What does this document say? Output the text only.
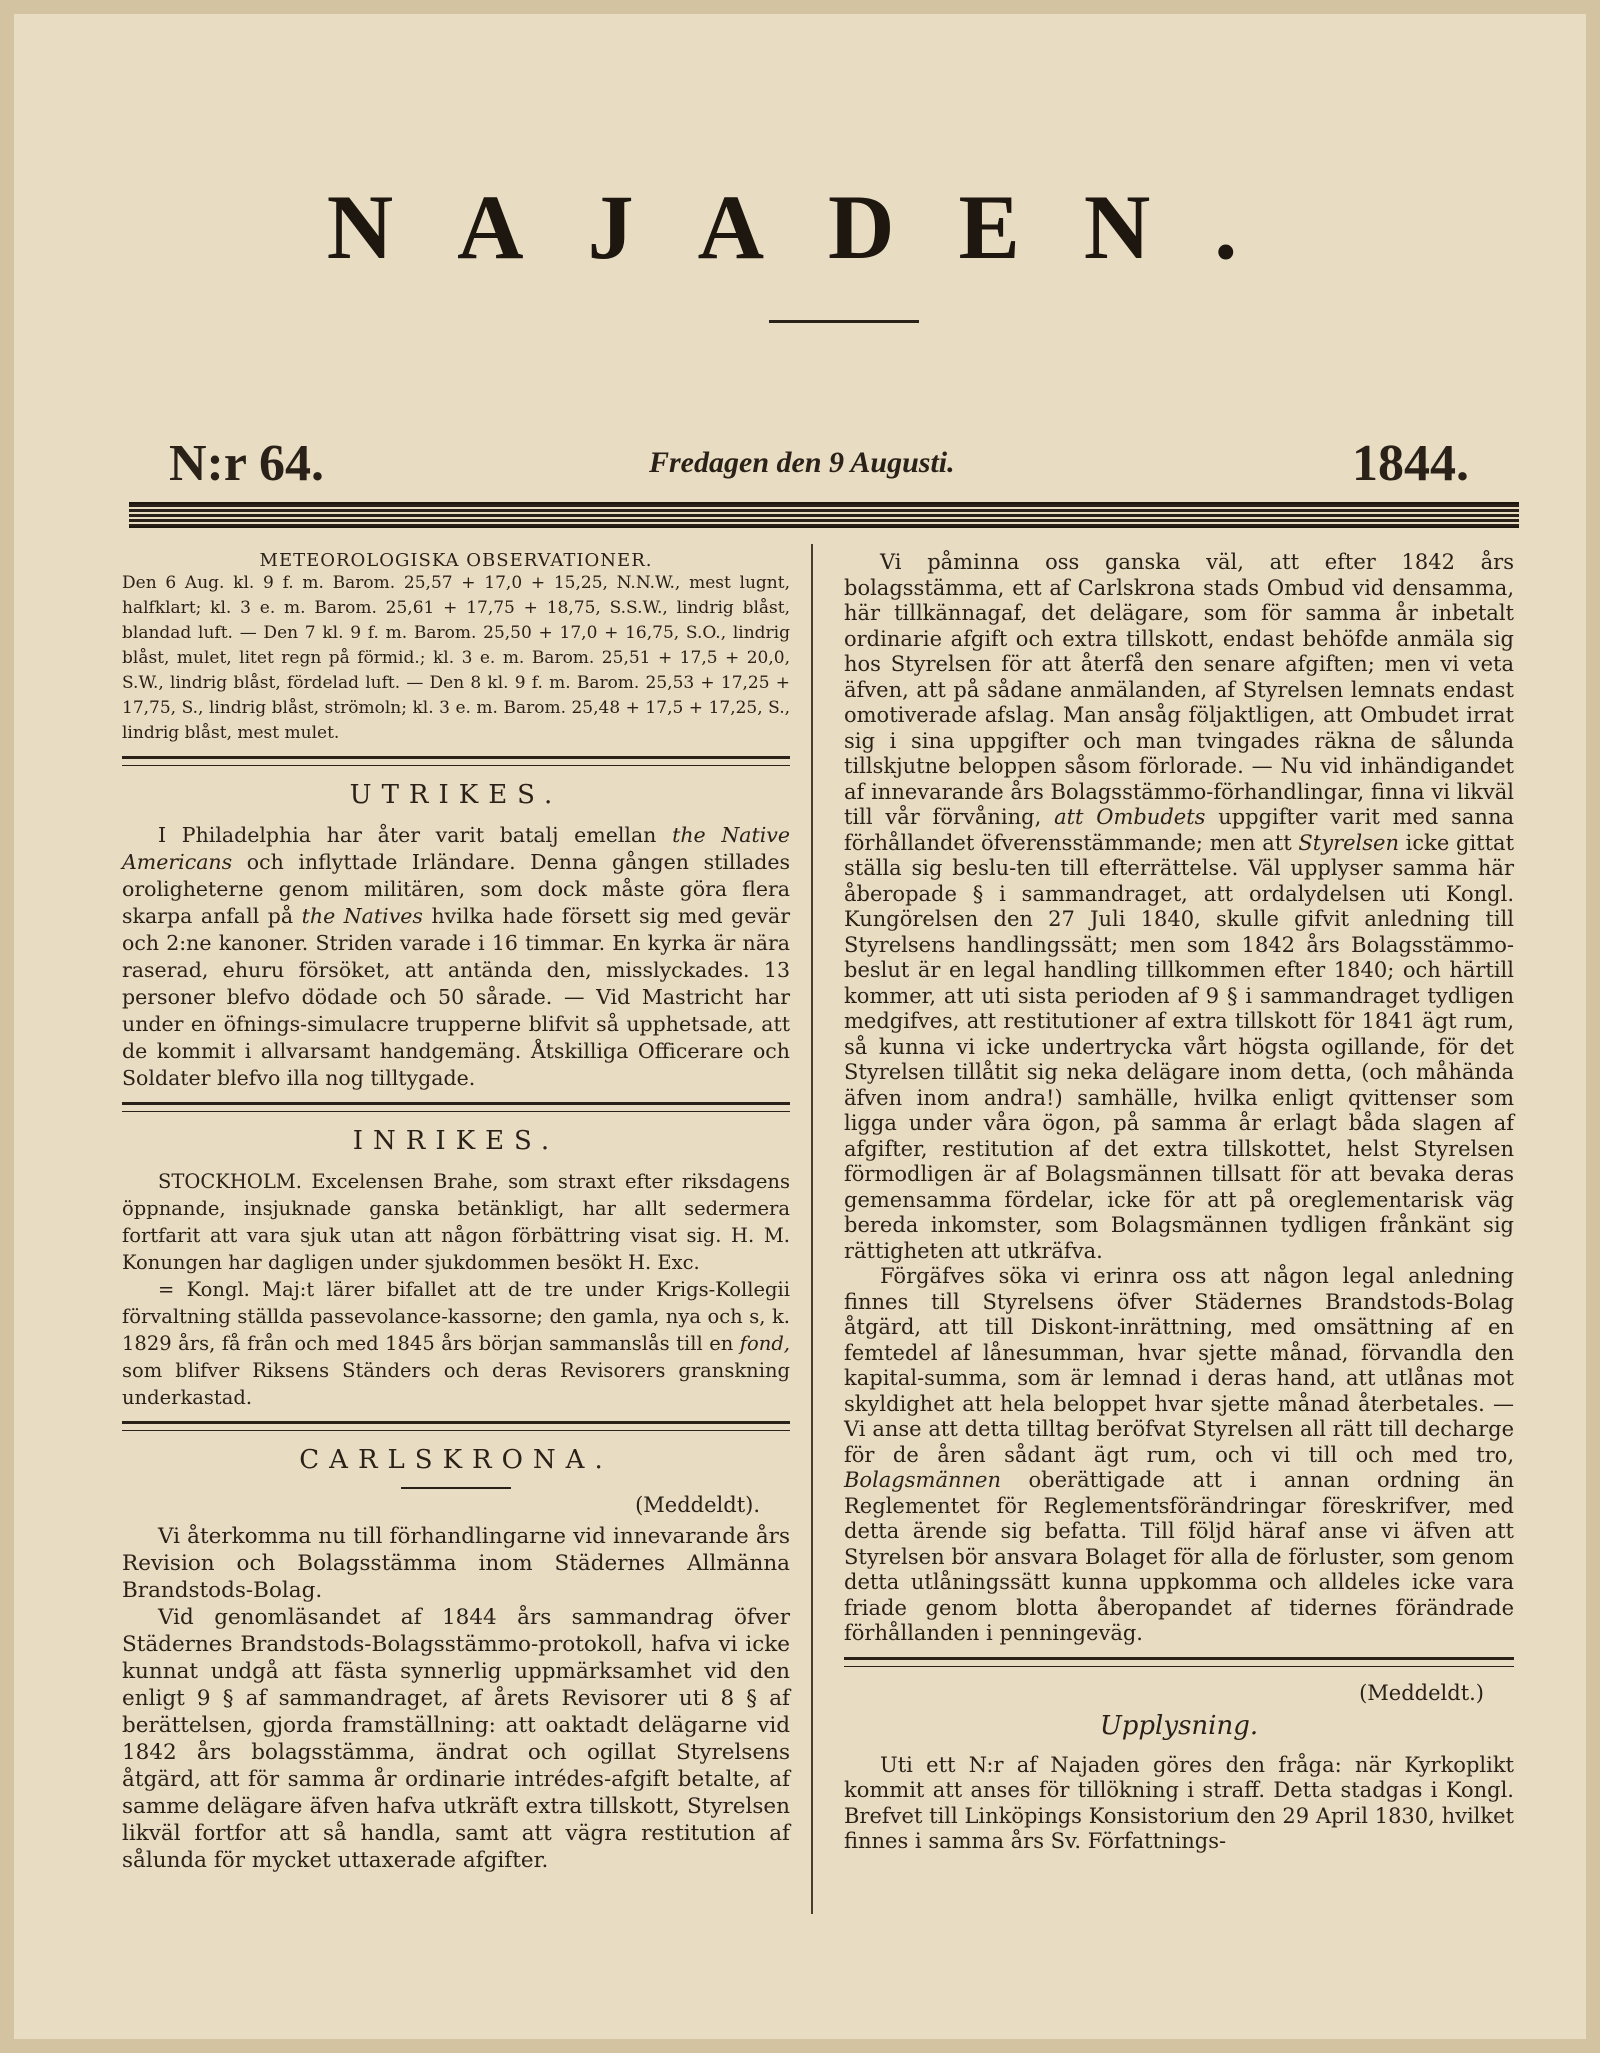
NAJADEN.
N:r 64.	Fredagen den 9 Augusti.	1844.

METEOROLOGISKA OBSERVATIONER.

Den 6 Aug. kl. 9 f. m. Barom. 25,57 + 17,0 + 15,25, N.N.W., mest lugnt, halfklart; kl. 3 e. m. Barom. 25,61 + 17,75 + 18,75, S.S.W., lindrig blåst, blandad luft. — Den 7 kl. 9 f. m. Barom. 25,50 + 17,0 + 16,75, S.O., lindrig blåst, mulet, litet regn på förmid.; kl. 3 e. m. Barom. 25,51 + 17,5 + 20,0, S.W., lindrig blåst, fördelad luft. — Den 8 kl. 9 f. m. Barom. 25,53 + 17,25 + 17,75, S., lindrig blåst, strömoln; kl. 3 e. m. Barom. 25,48 + 17,5 + 17,25, S., lindrig blåst, mest mulet.

UTRIKES.

I Philadelphia har åter varit batalj emellan the Native Americans och inflyttade Irländare. Denna gången stillades oroligheterne genom militären, som dock måste göra flera skarpa anfall på the Natives hvilka hade försett sig med gevär och 2:ne kanoner. Striden varade i 16 timmar. En kyrka är nära raserad, ehuru försöket, att antända den, misslyckades. 13 personer blefvo dödade och 50 sårade. — Vid Mastricht har under en öfnings-simulacre trupperne blifvit så upphetsade, att de kommit i allvarsamt handgemäng. Åtskilliga Officerare och Soldater blefvo illa nog tilltygade.

INRIKES.

STOCKHOLM. Excelensen Brahe, som straxt efter riksdagens öppnande, insjuknade ganska betänkligt, har allt sedermera fortfarit att vara sjuk utan att någon förbättring visat sig. H. M. Konungen har dagligen under sjukdommen besökt H. Exc.

= Kongl. Maj:t lärer bifallet att de tre under Krigs-Kollegii förvaltning ställda passevolance-kassorne; den gamla, nya och s, k. 1829 års, få från och med 1845 års början sammanslås till en fond, som blifver Riksens Ständers och deras Revisorers granskning underkastad.

CARLSKRONA.
(Meddeldt).

Vi återkomma nu till förhandlingarne vid innevarande års Revision och Bolagsstämma inom Städernes Allmänna Brandstods-Bolag.

Vid genomläsandet af 1844 års sammandrag öfver Städernes Brandstods-Bolagsstämmo-protokoll, hafva vi icke kunnat undgå att fästa synnerlig uppmärksamhet vid den enligt 9 § af sammandraget, af årets Revisorer uti 8 § af berättelsen, gjorda framställning: att oaktadt delägarne vid 1842 års bolagsstämma, ändrat och ogillat Styrelsens åtgärd, att för samma år ordinarie intrédes-afgift betalte, af samme delägare äfven hafva utkräft extra tillskott, Styrelsen likväl fortfor att så handla, samt att vägra restitution af sålunda för mycket uttaxerade afgifter.

Vi påminna oss ganska väl, att efter 1842 års bolagsstämma, ett af Carlskrona stads Ombud vid densamma, här tillkännagaf, det delägare, som för samma år inbetalt ordinarie afgift och extra tillskott, endast behöfde anmäla sig hos Styrelsen för att återfå den senare afgiften; men vi veta äfven, att på sådane anmälanden, af Styrelsen lemnats endast omotiverade afslag. Man ansåg följaktligen, att Ombudet irrat sig i sina uppgifter och man tvingades räkna de sålunda tillskjutne beloppen såsom förlorade. — Nu vid inhändigandet af innevarande års Bolagsstämmo-förhandlingar, finna vi likväl till vår förvåning, att Ombudets uppgifter varit med sanna förhållandet öfverensstämmande; men att Styrelsen icke gittat ställa sig beslu-ten till efterrättelse. Väl upplyser samma här åberopade § i sammandraget, att ordalydelsen uti Kongl. Kungörelsen den 27 Juli 1840, skulle gifvit anledning till Styrelsens handlingssätt; men som 1842 års Bolagsstämmo-beslut är en legal handling tillkommen efter 1840; och härtill kommer, att uti sista perioden af 9 § i sammandraget tydligen medgifves, att restitutioner af extra tillskott för 1841 ägt rum, så kunna vi icke undertrycka vårt högsta ogillande, för det Styrelsen tillåtit sig neka delägare inom detta, (och måhända äfven inom andra!) samhälle, hvilka enligt qvittenser som ligga under våra ögon, på samma år erlagt båda slagen af afgifter, restitution af det extra tillskottet, helst Styrelsen förmodligen är af Bolagsmännen tillsatt för att bevaka deras gemensamma fördelar, icke för att på oreglementarisk väg bereda inkomster, som Bolagsmännen tydligen frånkänt sig rättigheten att utkräfva.

Förgäfves söka vi erinra oss att någon legal anledning finnes till Styrelsens öfver Städernes Brandstods-Bolag åtgärd, att till Diskont-inrättning, med omsättning af en femtedel af lånesumman, hvar sjette månad, förvandla den kapital-summa, som är lemnad i deras hand, att utlånas mot skyldighet att hela beloppet hvar sjette månad återbetales. — Vi anse att detta tilltag beröfvat Styrelsen all rätt till decharge för de åren sådant ägt rum, och vi till och med tro, Bolagsmännen oberättigade att i annan ordning än Reglementet för Reglementsförändringar föreskrifver, med detta ärende sig befatta. Till följd häraf anse vi äfven att Styrelsen bör ansvara Bolaget för alla de förluster, som genom detta utlåningssätt kunna uppkomma och alldeles icke vara friade genom blotta åberopandet af tidernes förändrade förhållanden i penningeväg.

(Meddeldt.)
Upplysning.

Uti ett N:r af Najaden göres den fråga: när Kyrkoplikt kommit att anses för tillökning i straff. Detta stadgas i Kongl. Brefvet till Linköpings Konsistorium den 29 April 1830, hvilket finnes i samma års Sv. Författnings-
